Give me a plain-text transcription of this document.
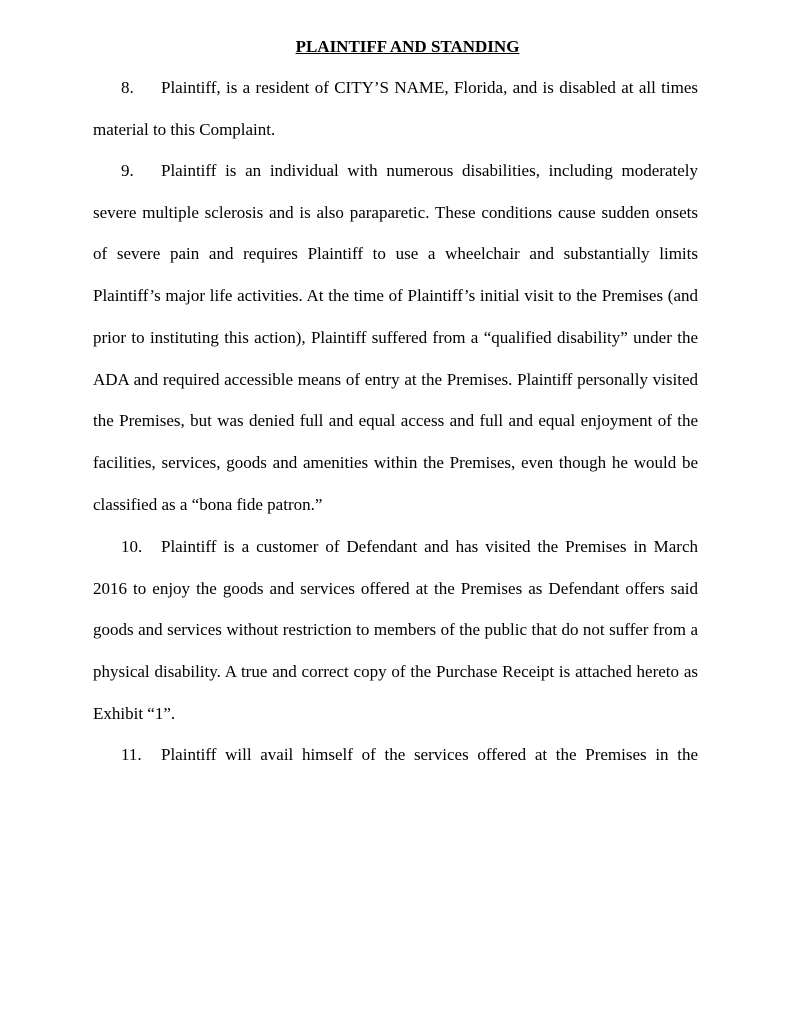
PLAINTIFF AND STANDING

8. Plaintiff, is a resident of CITY’S NAME, Florida, and is disabled at all times material to this Complaint.

9. Plaintiff is an individual with numerous disabilities, including moderately severe multiple sclerosis and is also paraparetic. These conditions cause sudden onsets of severe pain and requires Plaintiff to use a wheelchair and substantially limits Plaintiff’s major life activities. At the time of Plaintiff’s initial visit to the Premises (and prior to instituting this action), Plaintiff suffered from a “qualified disability” under the ADA and required accessible means of entry at the Premises. Plaintiff personally visited the Premises, but was denied full and equal access and full and equal enjoyment of the facilities, services, goods and amenities within the Premises, even though he would be classified as a “bona fide patron.”

10. Plaintiff is a customer of Defendant and has visited the Premises in March 2016 to enjoy the goods and services offered at the Premises as Defendant offers said goods and services without restriction to members of the public that do not suffer from a physical disability. A true and correct copy of the Purchase Receipt is attached hereto as Exhibit “1”.

11. Plaintiff will avail himself of the services offered at the Premises in the
